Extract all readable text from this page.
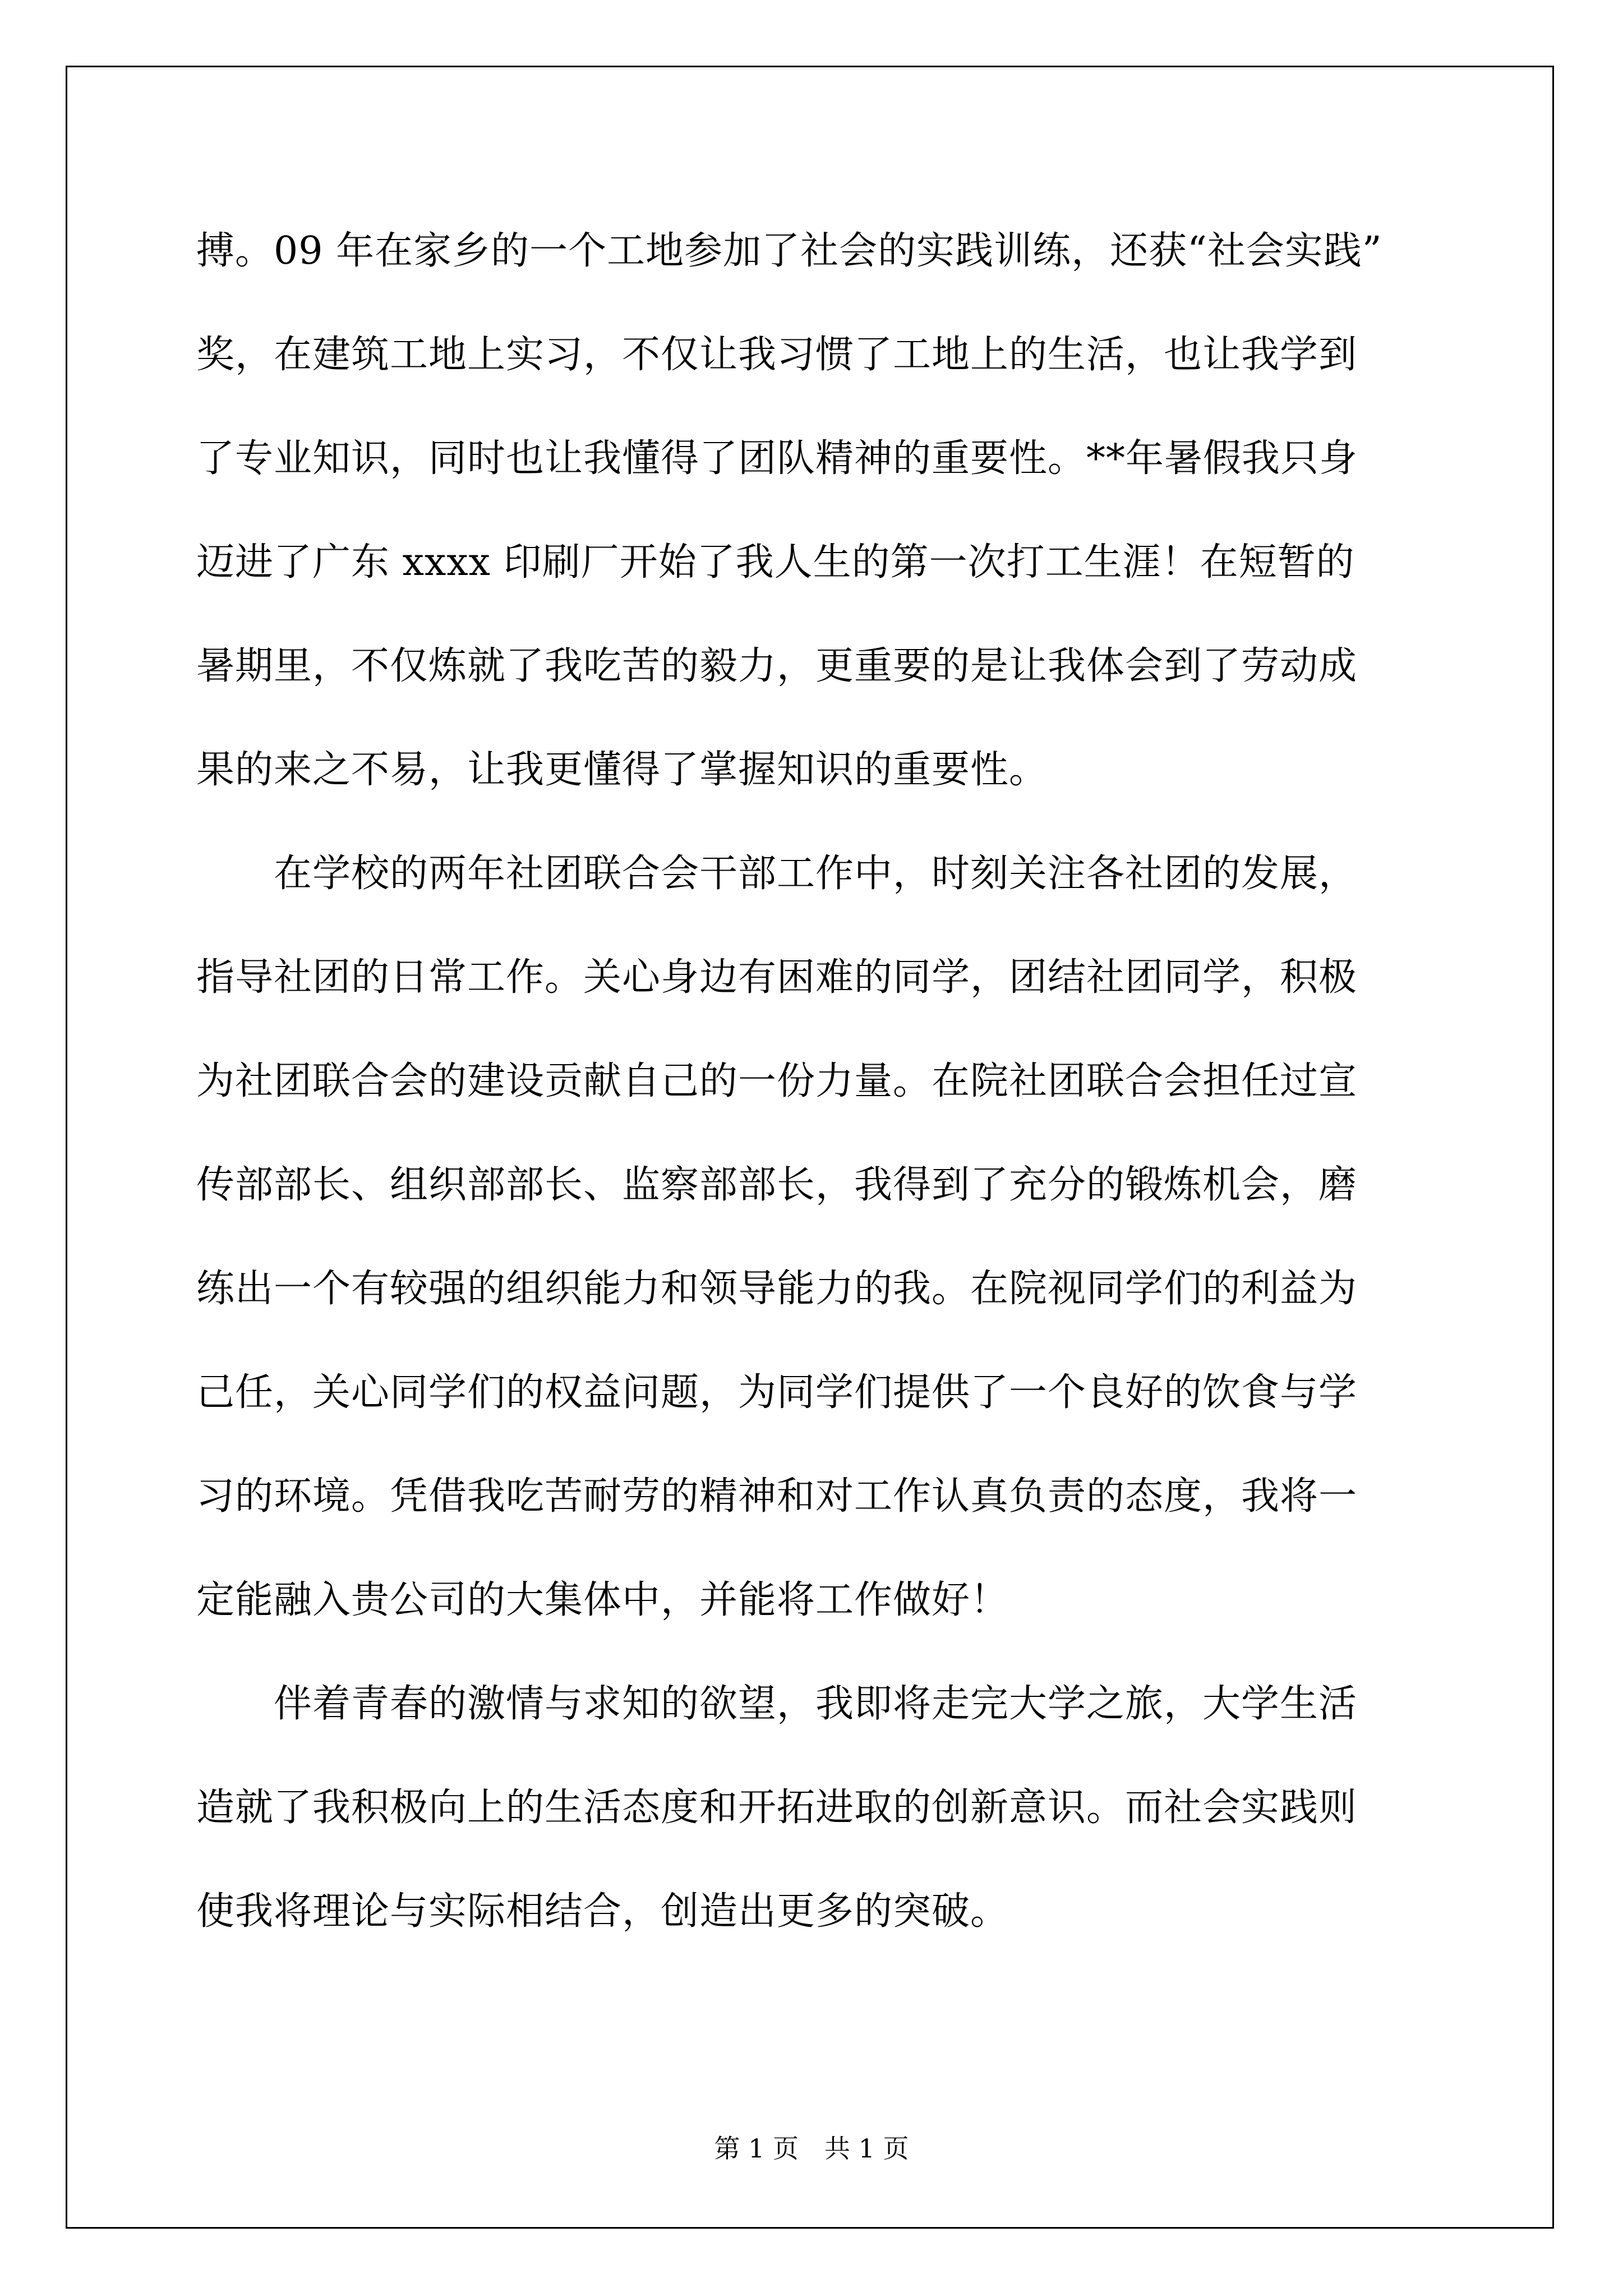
搏。09 年在家乡的一个工地参加了社会的实践训练，还获“社会实践”
奖，在建筑工地上实习，不仅让我习惯了工地上的生活，也让我学到
了专业知识，同时也让我懂得了团队精神的重要性。**年暑假我只身
迈进了广东 xxxx 印刷厂开始了我人生的第一次打工生涯！在短暂的
暑期里，不仅炼就了我吃苦的毅力，更重要的是让我体会到了劳动成
果的来之不易，让我更懂得了掌握知识的重要性。
　　在学校的两年社团联合会干部工作中，时刻关注各社团的发展，
指导社团的日常工作。关心身边有困难的同学，团结社团同学，积极
为社团联合会的建设贡献自己的一份力量。在院社团联合会担任过宣
传部部长、组织部部长、监察部部长，我得到了充分的锻炼机会，磨
练出一个有较强的组织能力和领导能力的我。在院视同学们的利益为
己任，关心同学们的权益问题，为同学们提供了一个良好的饮食与学
习的环境。凭借我吃苦耐劳的精神和对工作认真负责的态度，我将一
定能融入贵公司的大集体中，并能将工作做好！
　　伴着青春的激情与求知的欲望，我即将走完大学之旅，大学生活
造就了我积极向上的生活态度和开拓进取的创新意识。而社会实践则
使我将理论与实际相结合，创造出更多的突破。
第 1 页　共 1 页
